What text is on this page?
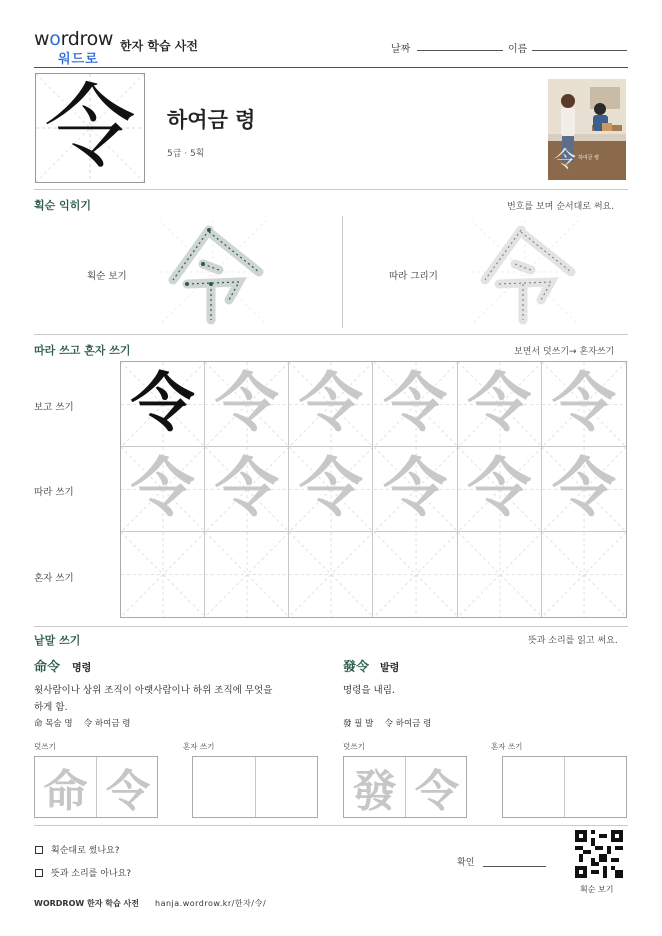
wordrow
워드로
한자 학습 사전	날짜	이름
令	하여금 령
5급 · 5획	令 하여금 령
획순 익히기	번호를 보며 순서대로 써요.
획순 보기	따라 그리기
따라 쓰고 혼자 쓰기	보면서 덧쓰기→ 혼자쓰기
보고 쓰기
따라 쓰기
혼자 쓰기
令 令 令 令 令 令
令 令 令 令 令 令
낱말 쓰기	뜻과 소리를 읽고 써요.
命令 명령
윗사람이나 상위 조직이 아랫사람이나 하위 조직에 무엇을
하게 함.
命 목숨 명　 令 하여금 령
덧쓰기	혼자 쓰기
命 令
發令 발령
명령을 내림.
發 필 발　 令 하여금 령
덧쓰기	혼자 쓰기
發 令
획순대로 썼나요?
뜻과 소리를 아나요?
확인
획순 보기
WORDROW 한자 학습 사전 hanja.wordrow.kr/한자/令/
